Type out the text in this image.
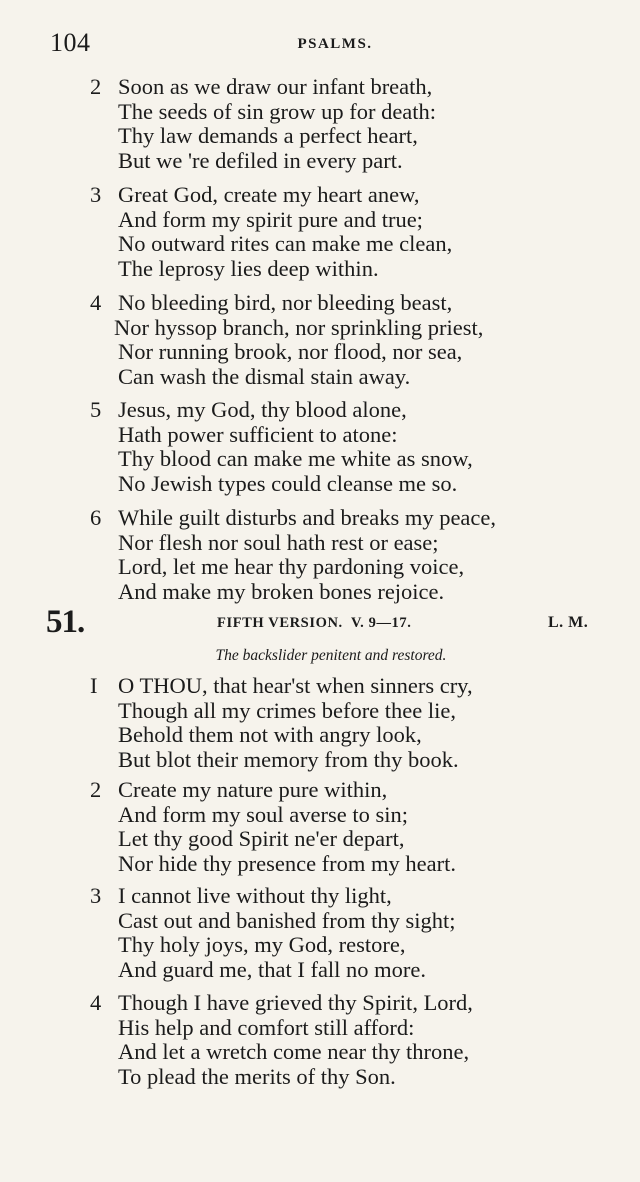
104	PSALMS.
2 Soon as we draw our infant breath,
The seeds of sin grow up for death:
Thy law demands a perfect heart,
But we 're defiled in every part.
3 Great God, create my heart anew,
And form my spirit pure and true;
No outward rites can make me clean,
The leprosy lies deep within.
4 No bleeding bird, nor bleeding beast,
Nor hyssop branch, nor sprinkling priest,
Nor running brook, nor flood, nor sea,
Can wash the dismal stain away.
5 Jesus, my God, thy blood alone,
Hath power sufficient to atone:
Thy blood can make me white as snow,
No Jewish types could cleanse me so.
6 While guilt disturbs and breaks my peace,
Nor flesh nor soul hath rest or ease;
Lord, let me hear thy pardoning voice,
And make my broken bones rejoice.
51.	FIFTH VERSION.  V. 9—17.	L. M.
The backslider penitent and restored.
I O THOU, that hear'st when sinners cry,
Though all my crimes before thee lie,
Behold them not with angry look,
But blot their memory from thy book.
2 Create my nature pure within,
And form my soul averse to sin;
Let thy good Spirit ne'er depart,
Nor hide thy presence from my heart.
3 I cannot live without thy light,
Cast out and banished from thy sight;
Thy holy joys, my God, restore,
And guard me, that I fall no more.
4 Though I have grieved thy Spirit, Lord,
His help and comfort still afford:
And let a wretch come near thy throne,
To plead the merits of thy Son.
